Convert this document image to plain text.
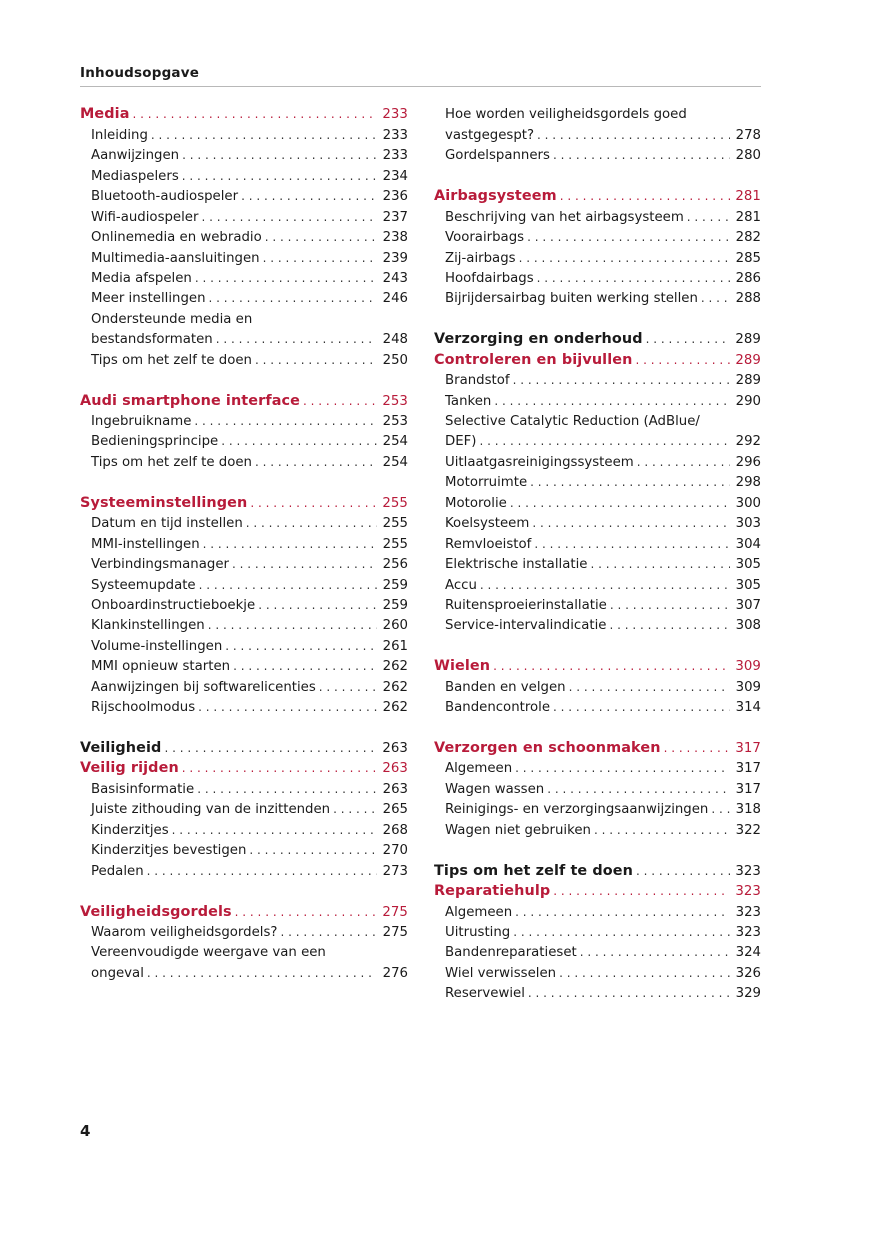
Inhoudsopgave
Media . . .	233
Inleiding . . .	233
Aanwijzingen . . .	233
Mediaspelers . . .	234
Bluetooth-audiospeler . . .	236
Wifi-audiospeler . . .	237
Onlinemedia en webradio . . .	238
Multimedia-aansluitingen . . .	239
Media afspelen . . .	243
Meer instellingen . . .	246
Ondersteunde media en
bestandsformaten . . .	248
Tips om het zelf te doen . . .	250
Audi smartphone interface . . .	253
Ingebruikname . . .	253
Bedieningsprincipe . . .	254
Tips om het zelf te doen . . .	254
Systeeminstellingen . . .	255
Datum en tijd instellen . . .	255
MMI-instellingen . . .	255
Verbindingsmanager . . .	256
Systeemupdate . . .	259
Onboardinstructieboekje . . .	259
Klankinstellingen . . .	260
Volume-instellingen . . .	261
MMI opnieuw starten . . .	262
Aanwijzingen bij softwarelicenties . . .	262
Rijschoolmodus . . .	262
Veiligheid . . .	263
Veilig rijden . . .	263
Basisinformatie . . .	263
Juiste zithouding van de inzittenden . . .	265
Kinderzitjes . . .	268
Kinderzitjes bevestigen . . .	270
Pedalen . . .	273
Veiligheidsgordels . . .	275
Waarom veiligheidsgordels? . . .	275
Vereenvoudigde weergave van een
ongeval . . .	276
Hoe worden veiligheidsgordels goed
vastgegespt? . . .	278
Gordelspanners . . .	280
Airbagsysteem . . .	281
Beschrijving van het airbagsysteem . . .	281
Voorairbags . . .	282
Zij-airbags . . .	285
Hoofdairbags . . .	286
Bijrijdersairbag buiten werking stellen . . .	288
Verzorging en onderhoud . . .	289
Controleren en bijvullen . . .	289
Brandstof . . .	289
Tanken . . .	290
Selective Catalytic Reduction (AdBlue/
DEF) . . .	292
Uitlaatgasreinigingssysteem . . .	296
Motorruimte . . .	298
Motorolie . . .	300
Koelsysteem . . .	303
Remvloeistof . . .	304
Elektrische installatie . . .	305
Accu . . .	305
Ruitensproeierinstallatie . . .	307
Service-intervalindicatie . . .	308
Wielen . . .	309
Banden en velgen . . .	309
Bandencontrole . . .	314
Verzorgen en schoonmaken . . .	317
Algemeen . . .	317
Wagen wassen . . .	317
Reinigings- en verzorgingsaanwijzingen . . . 318
Wagen niet gebruiken . . .	322
Tips om het zelf te doen . . .	323
Reparatiehulp . . .	323
Algemeen . . .	323
Uitrusting . . .	323
Bandenreparatieset . . .	324
Wiel verwisselen . . .	326
Reservewiel . . .	329
4
